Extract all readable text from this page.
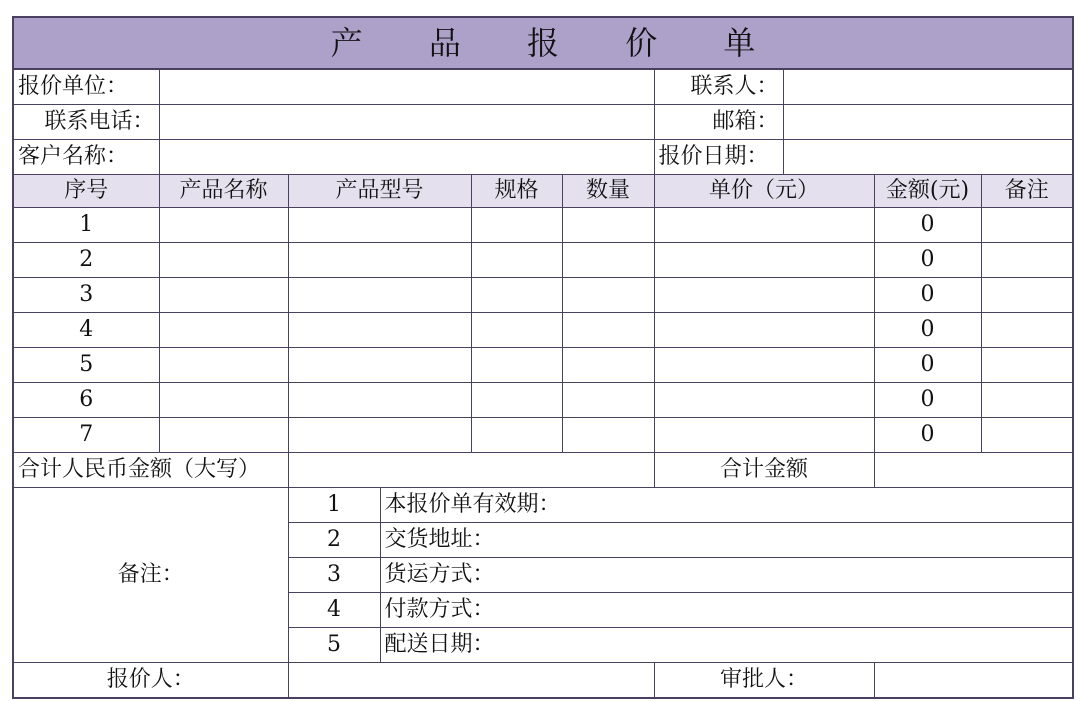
产 品 报 价 单									
报价单位：						联系人：			
联系电话：						邮箱：			
客户名称：						报价日期：			
序号	产品名称	产品型号		规格	数量	单价（元）		金额(元)	备注
1								0	
2								0	
3								0	
4								0	
5								0	
6								0	
7								0	
合计人民币金额（大写）						合计金额			
备注：		1	本报价单有效期：						
		2	交货地址：						
		3	货运方式：						
		4	付款方式：						
		5	配送日期：						
报价人：						审批人：			
